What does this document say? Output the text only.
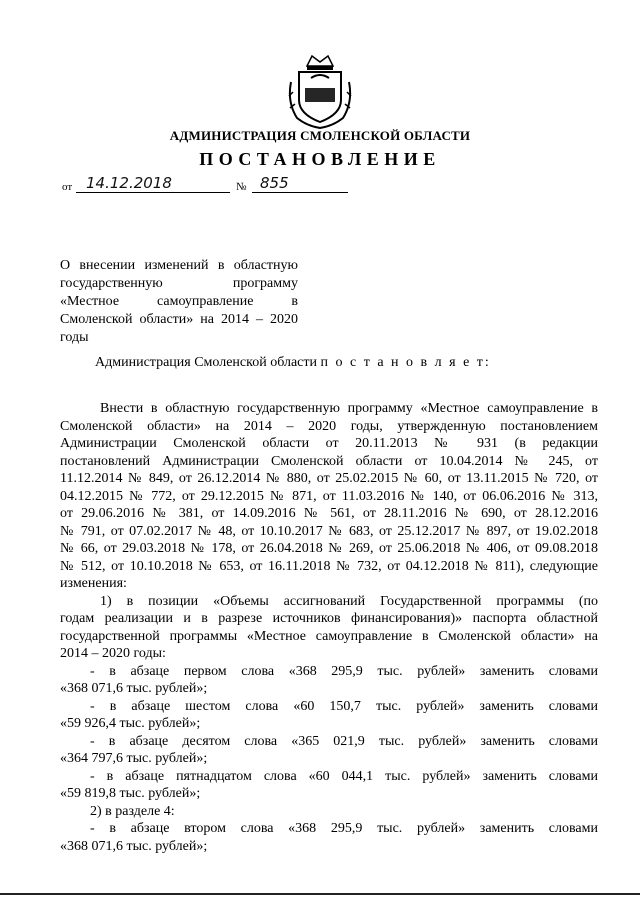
АДМИНИСТРАЦИЯ СМОЛЕНСКОЙ ОБЛАСТИ
ПОСТАНОВЛЕНИЕ
от 14.12.2018	№ 855
О внесении изменений в областную
государственную программу
«Местное самоуправление в
Смоленской области» на 2014 – 2020
годы
Администрация Смоленской области п о с т а н о в л я е т:
Внести в областную государственную программу «Местное самоуправление в
Смоленской области» на 2014 – 2020 годы, утвержденную постановлением
Администрации Смоленской области от 20.11.2013 № 931 (в редакции
постановлений Администрации Смоленской области от 10.04.2014 № 245, от
11.12.2014 № 849, от 26.12.2014 № 880, от 25.02.2015 № 60, от 13.11.2015 № 720, от
04.12.2015 № 772, от 29.12.2015 № 871, от 11.03.2016 № 140, от 06.06.2016 № 313,
от 29.06.2016 № 381, от 14.09.2016 № 561, от 28.11.2016 № 690, от 28.12.2016
№ 791, от 07.02.2017 № 48, от 10.10.2017 № 683, от 25.12.2017 № 897, от 19.02.2018
№ 66, от 29.03.2018 № 178, от 26.04.2018 № 269, от 25.06.2018 № 406, от 09.08.2018
№ 512, от 10.10.2018 № 653, от 16.11.2018 № 732, от 04.12.2018 № 811), следующие
изменения:
1) в позиции «Объемы ассигнований Государственной программы (по
годам реализации и в разрезе источников финансирования)» паспорта областной
государственной программы «Местное самоуправление в Смоленской области» на
2014 – 2020 годы:
- в абзаце первом слова «368 295,9 тыс. рублей» заменить словами
«368 071,6 тыс. рублей»;
- в абзаце шестом слова «60 150,7 тыс. рублей» заменить словами
«59 926,4 тыс. рублей»;
- в абзаце десятом слова «365 021,9 тыс. рублей» заменить словами
«364 797,6 тыс. рублей»;
- в абзаце пятнадцатом слова «60 044,1 тыс. рублей» заменить словами
«59 819,8 тыс. рублей»;
2) в разделе 4:
- в абзаце втором слова «368 295,9 тыс. рублей» заменить словами
«368 071,6 тыс. рублей»;
